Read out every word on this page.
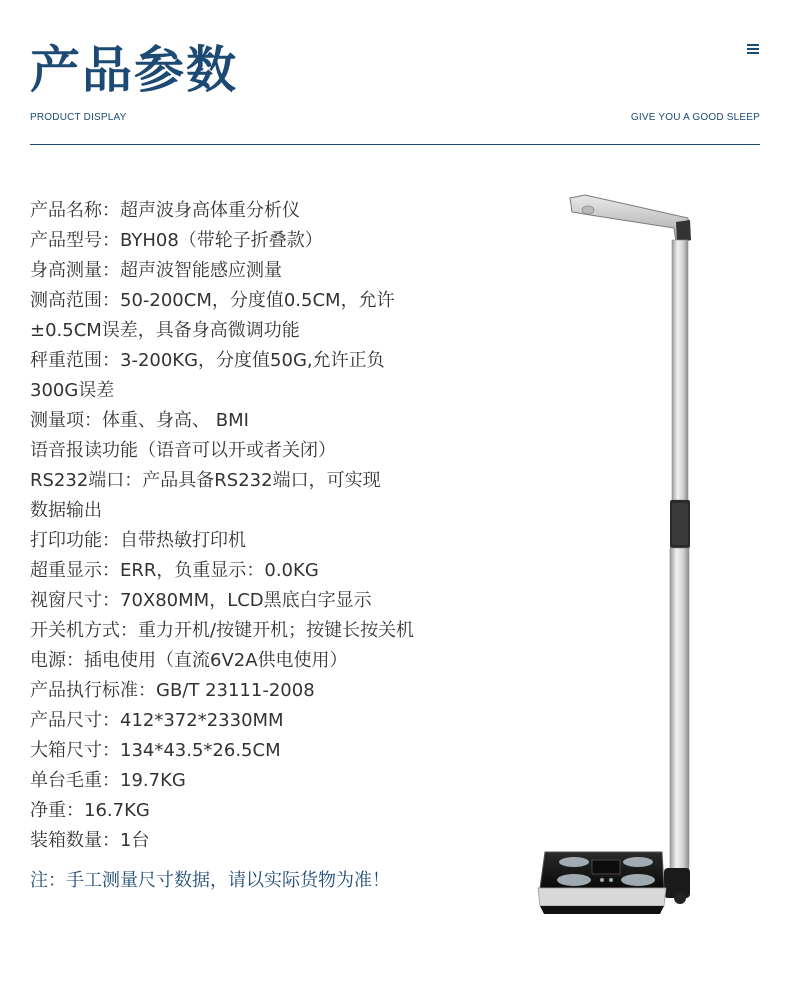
产品参数
PRODUCT DISPLAY	GIVE YOU A GOOD SLEEP
产品名称：超声波身高体重分析仪
产品型号：BYH08（带轮子折叠款）
身高测量：超声波智能感应测量
测高范围：50-200CM，分度值0.5CM，允许
±0.5CM误差，具备身高微调功能
秤重范围：3-200KG，分度值50G,允许正负
300G误差
测量项：体重、身高、 BMI
语音报读功能（语音可以开或者关闭）
RS232端口：产品具备RS232端口，可实现
数据输出
打印功能：自带热敏打印机
超重显示：ERR，负重显示：0.0KG
视窗尺寸：70X80MM，LCD黑底白字显示
开关机方式：重力开机/按键开机；按键长按关机
电源：插电使用（直流6V2A供电使用）
产品执行标准：GB/T 23111-2008
产品尺寸：412*372*2330MM
大箱尺寸：134*43.5*26.5CM
单台毛重：19.7KG
净重：16.7KG
装箱数量：1台
注：手工测量尺寸数据，请以实际货物为准！
